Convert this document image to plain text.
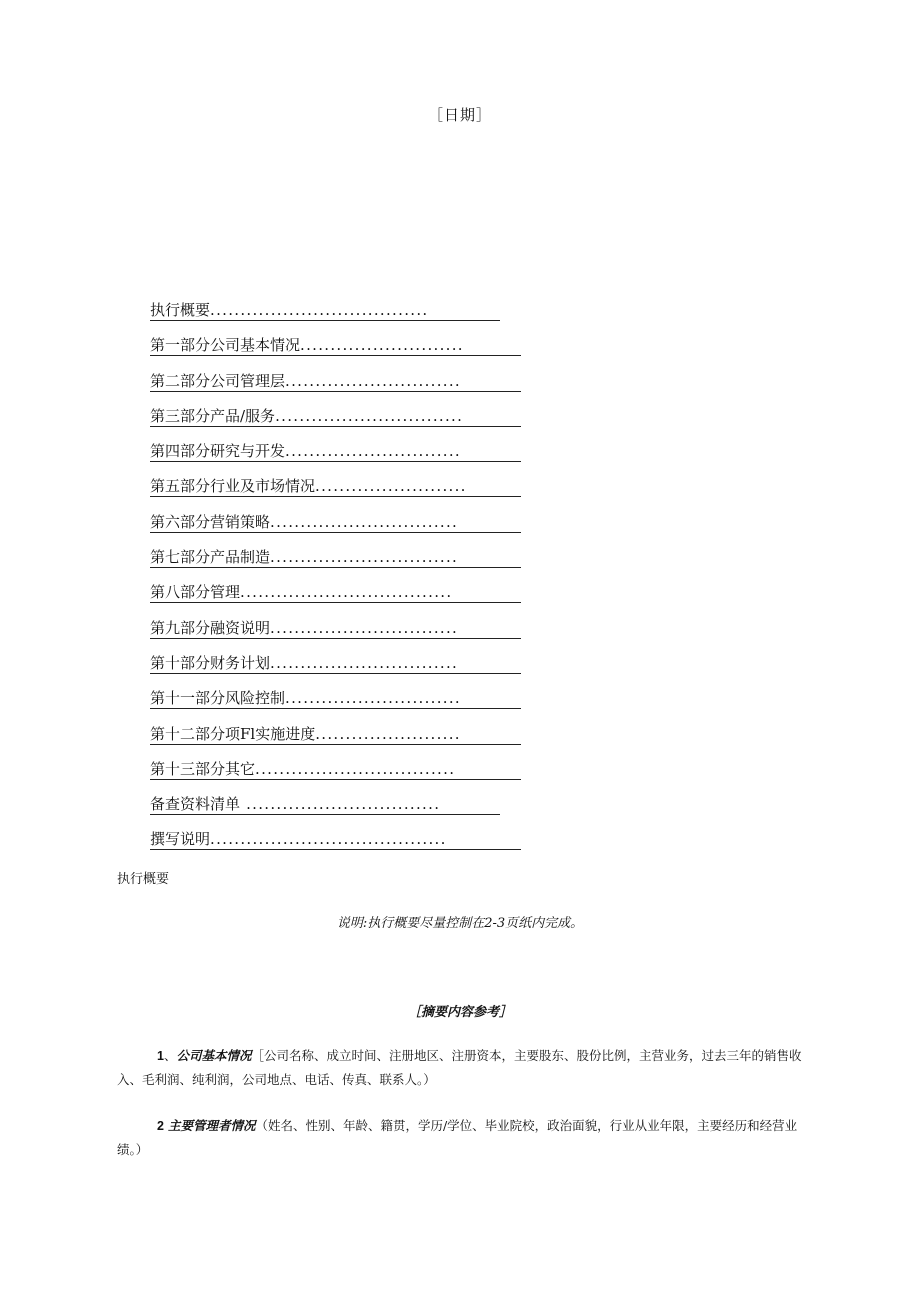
［日期］
执行概要....................................
第一部分公司基本情况...........................
第二部分公司管理层.............................
第三部分产品/服务...............................
第四部分研究与开发.............................
第五部分行业及市场情况.........................
第六部分营销策略...............................
第七部分产品制造...............................
第八部分管理...................................
第九部分融资说明...............................
第十部分财务计划...............................
第十一部分风险控制.............................
第十二部分项Fl实施进度........................
第十三部分其它.................................
备查资料清单 ................................
撰写说明.......................................
执行概要
说明:执行概要尽量控制在2-3页纸内完成。
［摘要内容参考］
1、公司基本情况［公司名称、成立时间、注册地区、注册资本，主要股东、股份比例，主营业务，过去三年的销售收入、毛利润、纯利润，公司地点、电话、传真、联系人。）
2 主要管理者情况（姓名、性别、年龄、籍贯，学历/学位、毕业院校，政治面貌，行业从业年限，主要经历和经营业绩。）
